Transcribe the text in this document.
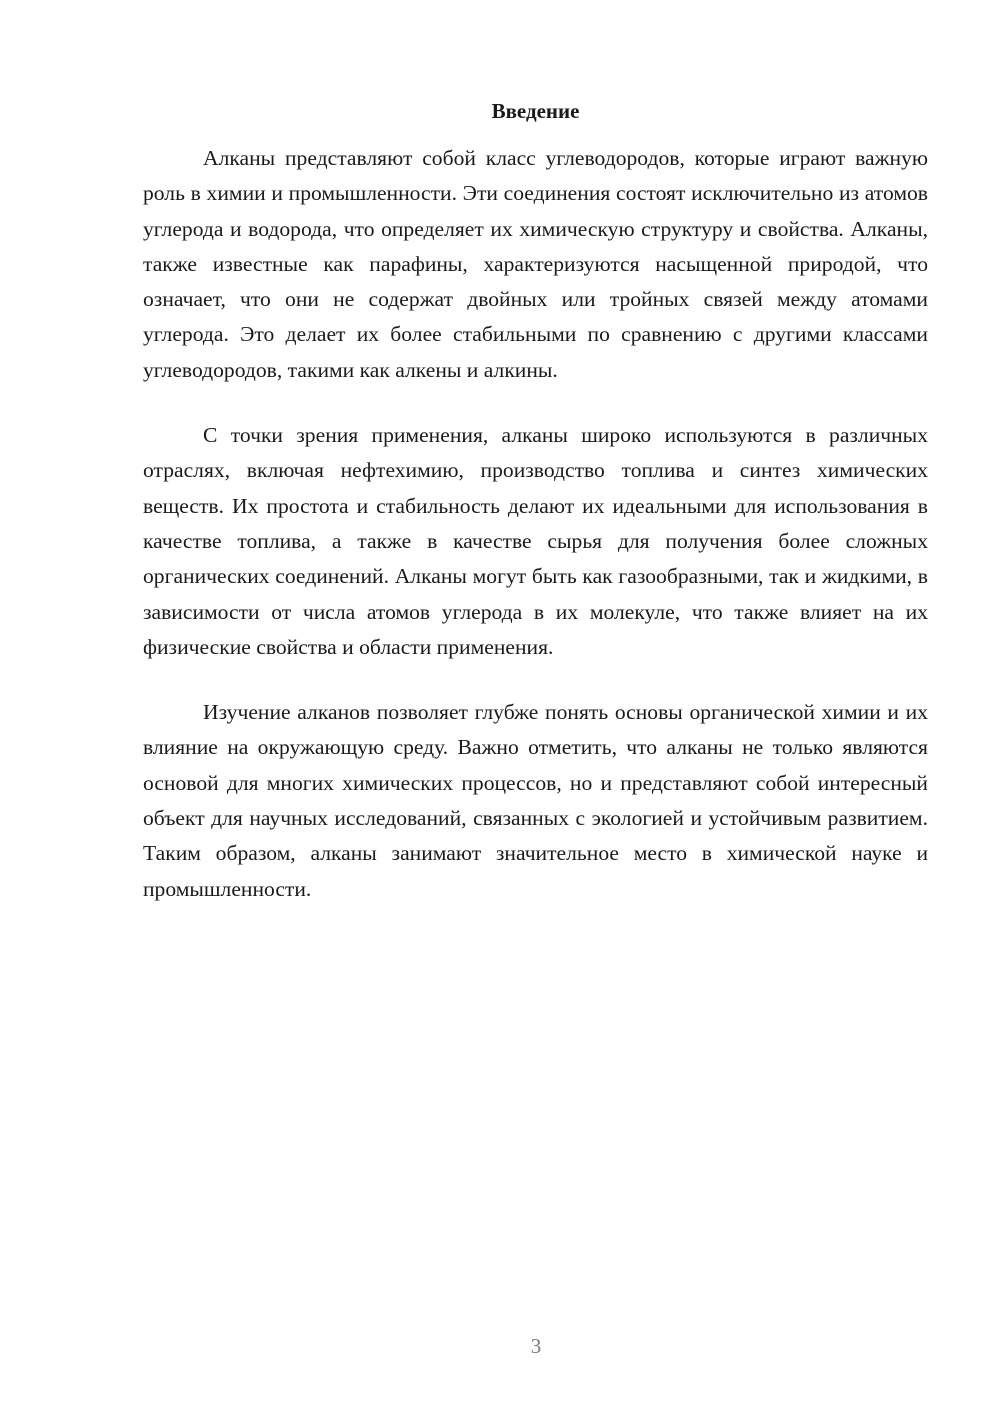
Введение

Алканы представляют собой класс углеводородов, которые играют важную роль в химии и промышленности. Эти соединения состоят исключительно из атомов углерода и водорода, что определяет их химическую структуру и свойства. Алканы, также известные как парафины, характеризуются насыщенной природой, что означает, что они не содержат двойных или тройных связей между атомами углерода. Это делает их более стабильными по сравнению с другими классами углеводородов, такими как алкены и алкины.

С точки зрения применения, алканы широко используются в различных отраслях, включая нефтехимию, производство топлива и синтез химических веществ. Их простота и стабильность делают их идеальными для использования в качестве топлива, а также в качестве сырья для получения более сложных органических соединений. Алканы могут быть как газообразными, так и жидкими, в зависимости от числа атомов углерода в их молекуле, что также влияет на их физические свойства и области применения.

Изучение алканов позволяет глубже понять основы органической химии и их влияние на окружающую среду. Важно отметить, что алканы не только являются основой для многих химических процессов, но и представляют собой интересный объект для научных исследований, связанных с экологией и устойчивым развитием. Таким образом, алканы занимают значительное место в химической науке и промышленности.

3
